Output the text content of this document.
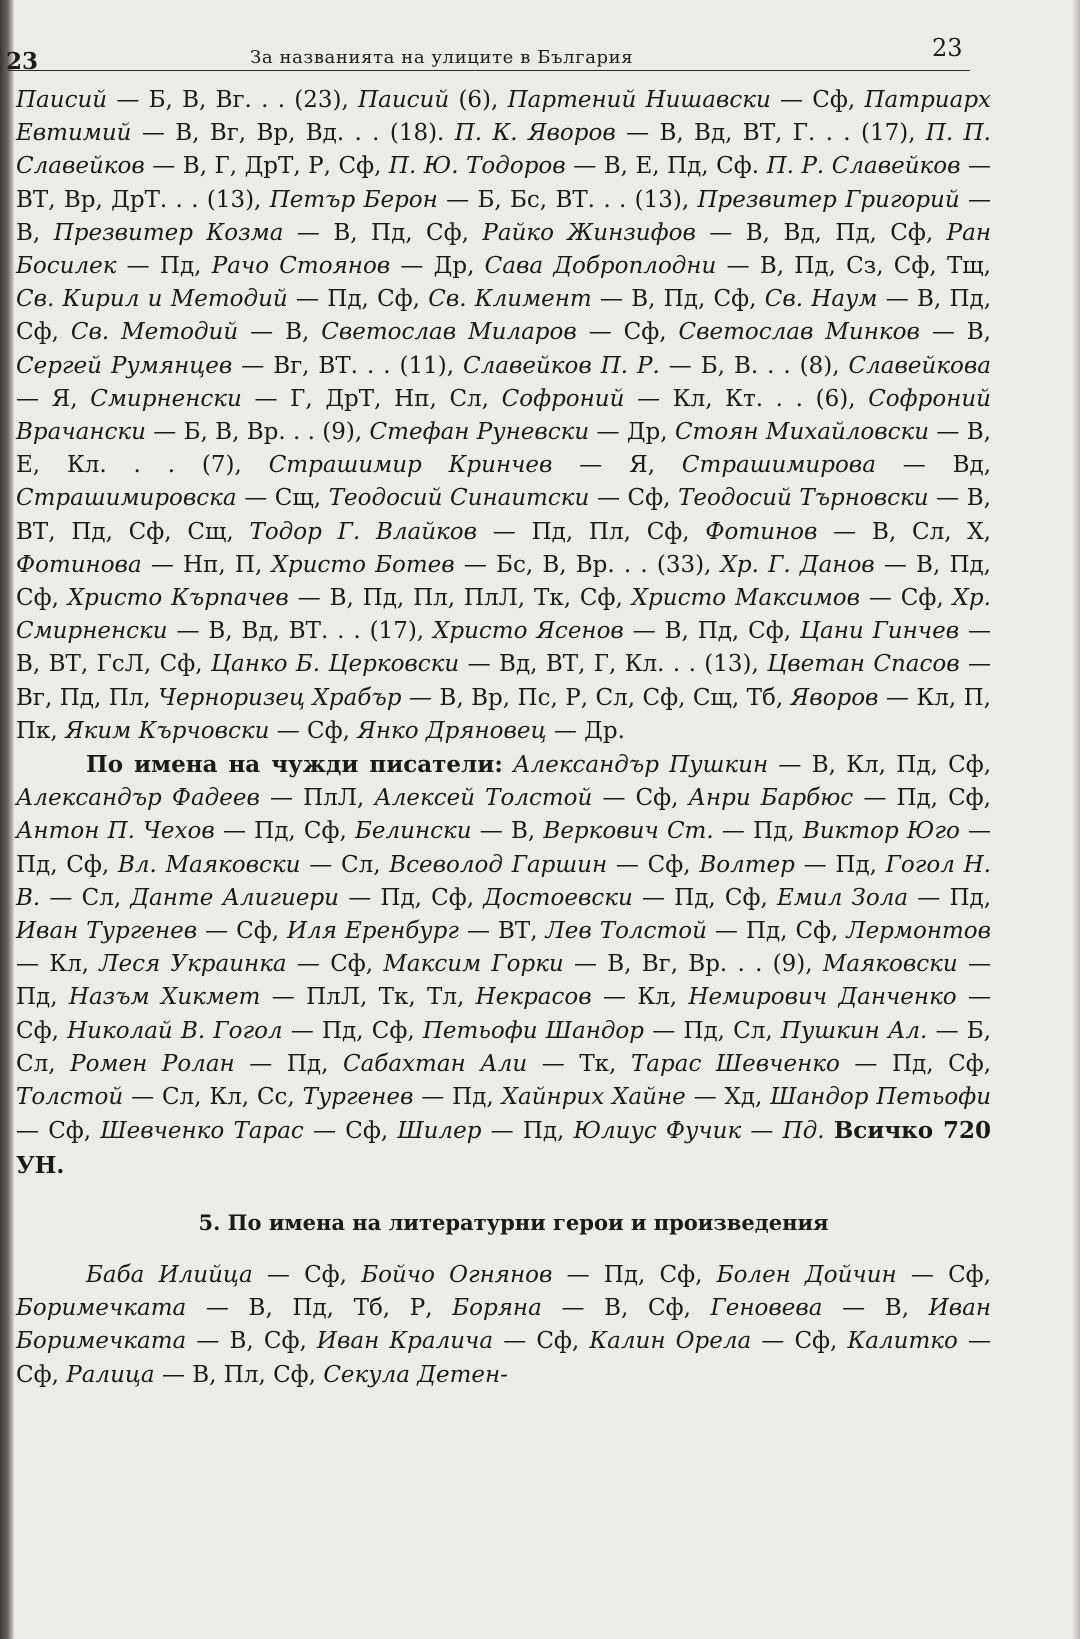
23	За названията на улиците в България	23

Паисий — Б, В, Вг. . . (23), Паисий (6), Партений Нишавски — Сф, Патриарх Евтимий — В, Вг, Вр, Вд. . . (18). П. К. Яворов — В, Вд, ВТ, Г. . . (17), П. П. Славейков — В, Г, ДрТ, Р, Сф, П. Ю. Тодоров — В, Е, Пд, Сф. П. Р. Славейков — ВТ, Вр, ДрТ. . . (13), Петър Берон — Б, Бс, ВТ. . . (13), Презвитер Григорий — В, Презвитер Козма — В, Пд, Сф, Райко Жинзифов — В, Вд, Пд, Сф, Ран Босилек — Пд, Рачо Стоянов — Др, Сава Доброплодни — В, Пд, Сз, Сф, Тщ, Св. Кирил и Методий — Пд, Сф, Св. Климент — В, Пд, Сф, Св. Наум — В, Пд, Сф, Св. Методий — В, Светослав Миларов — Сф, Светослав Минков — В, Сергей Румянцев — Вг, ВТ. . . (11), Славейков П. Р. — Б, В. . . (8), Славейкова — Я, Смирненски — Г, ДрТ, Нп, Сл, Софроний — Кл, Кт. . . (6), Софроний Врачански — Б, В, Вр. . . (9), Стефан Руневски — Др, Стоян Михайловски — В, Е, Кл. . . (7), Страшимир Кринчев — Я, Страшимирова — Вд, Страшимировска — Сщ, Теодосий Синаитски — Сф, Теодосий Търновски — В, ВТ, Пд, Сф, Сщ, Тодор Г. Влайков — Пд, Пл, Сф, Фотинов — В, Сл, Х, Фотинова — Нп, П, Христо Ботев — Бс, В, Вр. . . (33), Хр. Г. Данов — В, Пд, Сф, Христо Кърпачев — В, Пд, Пл, ПлЛ, Тк, Сф, Христо Максимов — Сф, Хр. Смирненски — В, Вд, ВТ. . . (17), Христо Ясенов — В, Пд, Сф, Цани Гинчев — В, ВТ, ГсЛ, Сф, Цанко Б. Церковски — Вд, ВТ, Г, Кл. . . (13), Цветан Спасов — Вг, Пд, Пл, Черноризец Храбър — В, Вр, Пс, Р, Сл, Сф, Сщ, Тб, Яворов — Кл, П, Пк, Яким Кърчовски — Сф, Янко Дряновец — Др.

По имена на чужди писатели: Александър Пушкин — В, Кл, Пд, Сф, Александър Фадеев — ПлЛ, Алексей Толстой — Сф, Анри Барбюс — Пд, Сф, Антон П. Чехов — Пд, Сф, Белински — В, Веркович Ст. — Пд, Виктор Юго — Пд, Сф, Вл. Маяковски — Сл, Всеволод Гаршин — Сф, Волтер — Пд, Гогол Н. В. — Сл, Данте Алигиери — Пд, Сф, Достоевски — Пд, Сф, Емил Зола — Пд, Иван Тургенев — Сф, Иля Еренбург — ВТ, Лев Толстой — Пд, Сф, Лермонтов — Кл, Леся Украинка — Сф, Максим Горки — В, Вг, Вр. . . (9), Маяковски — Пд, Назъм Хикмет — ПлЛ, Тк, Тл, Некрасов — Кл, Немирович Данченко — Сф, Николай В. Гогол — Пд, Сф, Петьофи Шандор — Пд, Сл, Пушкин Ал. — Б, Сл, Ромен Ролан — Пд, Сабахтан Али — Тк, Тарас Шевченко — Пд, Сф, Толстой — Сл, Кл, Сс, Тургенев — Пд, Хайнрих Хайне — Хд, Шандор Петьофи — Сф, Шевченко Тарас — Сф, Шилер — Пд, Юлиус Фучик — Пд. Всичко 720 УН.

5. По имена на литературни герои и произведения

Баба Илийца — Сф, Бойчо Огнянов — Пд, Сф, Болен Дойчин — Сф, Боримечката — В, Пд, Тб, Р, Боряна — В, Сф, Геновева — В, Иван Боримечката — В, Сф, Иван Кралича — Сф, Калин Орела — Сф, Калитко — Сф, Ралица — В, Пл, Сф, Секула Детен-
